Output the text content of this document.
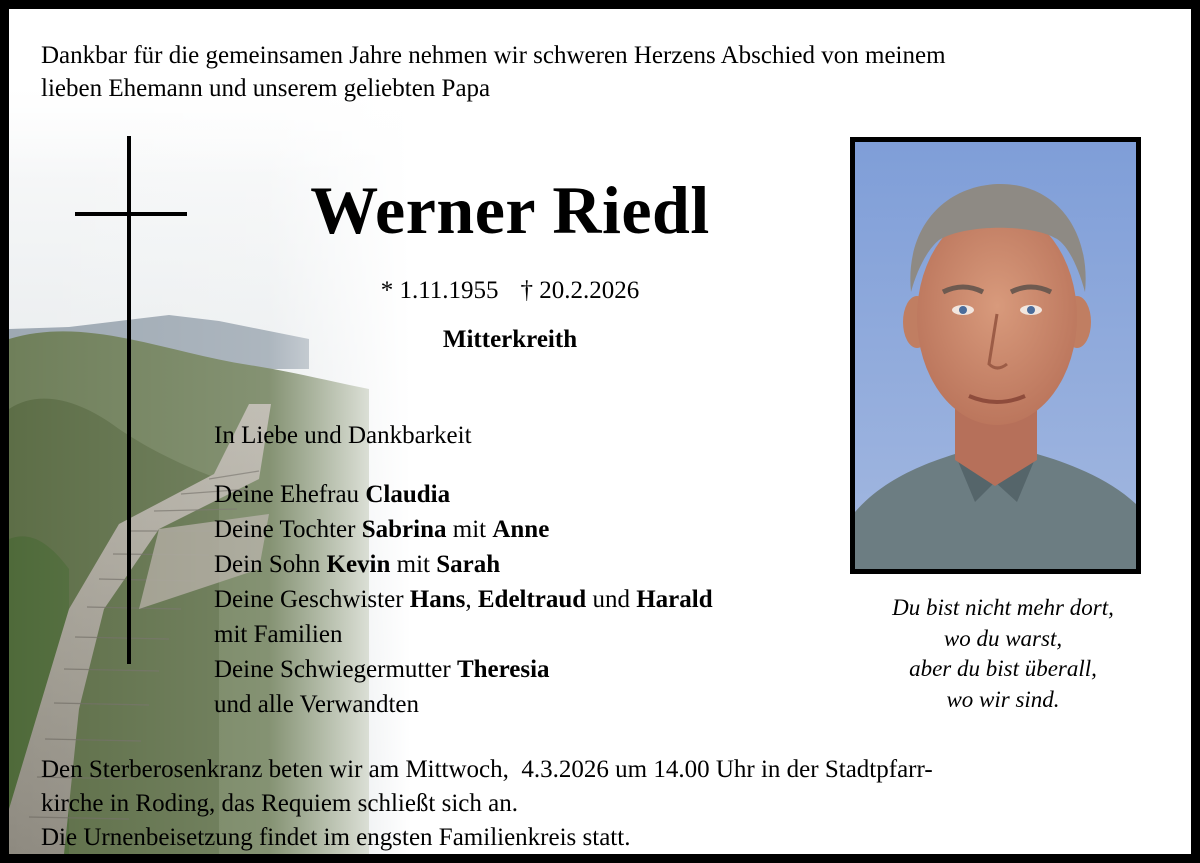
Dankbar für die gemeinsamen Jahre nehmen wir schweren Herzens Abschied von meinem
lieben Ehemann und unserem geliebten Papa

Werner Riedl

* 1.11.1955 † 20.2.2026

Mitterkreith

In Liebe und Dankbarkeit
Deine Ehefrau Claudia
Deine Tochter Sabrina mit Anne
Dein Sohn Kevin mit Sarah
Deine Geschwister Hans, Edeltraud und Harald
mit Familien
Deine Schwiegermutter Theresia
und alle Verwandten
Du bist nicht mehr dort,
wo du warst,
aber du bist überall,
wo wir sind.
Den Sterberosenkranz beten wir am Mittwoch,  4.3.2026 um 14.00 Uhr in der Stadtpfarr-
kirche in Roding, das Requiem schließt sich an.
Die Urnenbeisetzung findet im engsten Familienkreis statt.
